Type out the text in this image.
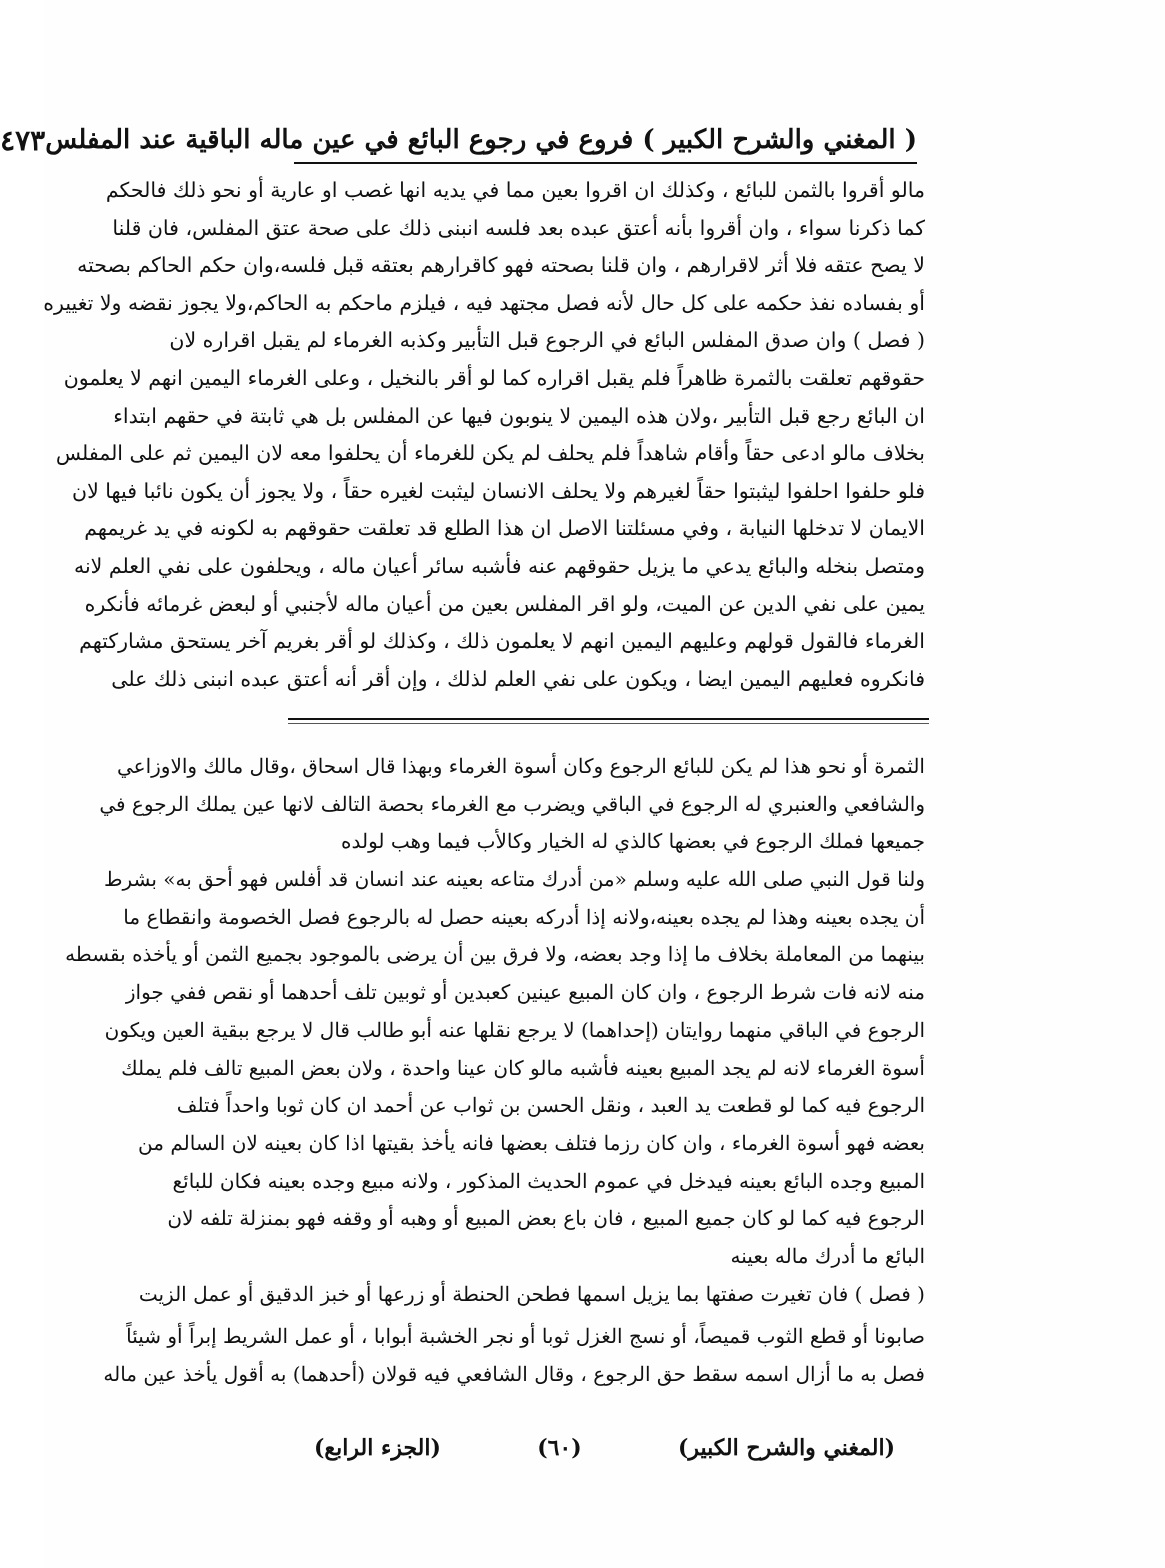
( المغني والشرح الكبير ) فروع في رجوع البائع في عين ماله الباقية عند المفلس
٤٧٣
مالو أقروا بالثمن للبائع ، وكذلك ان اقروا بعين مما في يديه انها غصب او عارية أو نحو ذلك فالحكم
كما ذكرنا سواء ، وان أقروا بأنه أعتق عبده بعد فلسه انبنى ذلك على صحة عتق المفلس، فان قلنا
لا يصح عتقه فلا أثر لاقرارهم ، وان قلنا بصحته فهو كاقرارهم بعتقه قبل فلسه،وان حكم الحاكم بصحته
أو بفساده نفذ حكمه على كل حال لأنه فصل مجتهد فيه ، فيلزم ماحكم به الحاكم،ولا يجوز نقضه ولا تغييره
( فصل ) وان صدق المفلس البائع في الرجوع قبل التأبير وكذبه الغرماء لم يقبل اقراره لان
حقوقهم تعلقت بالثمرة ظاهراً فلم يقبل اقراره كما لو أقر بالنخيل ، وعلى الغرماء اليمين انهم لا يعلمون
ان البائع رجع قبل التأبير ،ولان هذه اليمين لا ينوبون فيها عن المفلس بل هي ثابتة في حقهم ابتداء
بخلاف مالو ادعى حقاً وأقام شاهداً فلم يحلف لم يكن للغرماء أن يحلفوا معه لان اليمين ثم على المفلس
فلو حلفوا احلفوا ليثبتوا حقاً لغيرهم ولا يحلف الانسان ليثبت لغيره حقاً ، ولا يجوز أن يكون نائبا فيها لان
الايمان لا تدخلها النيابة ، وفي مسئلتنا الاصل ان هذا الطلع قد تعلقت حقوقهم به لكونه في يد غريمهم
ومتصل بنخله والبائع يدعي ما يزيل حقوقهم عنه فأشبه سائر أعيان ماله ، ويحلفون على نفي العلم لانه
يمين على نفي الدين عن الميت، ولو اقر المفلس بعين من أعيان ماله لأجنبي أو لبعض غرمائه فأنكره
الغرماء فالقول قولهم وعليهم اليمين انهم لا يعلمون ذلك ، وكذلك لو أقر بغريم آخر يستحق مشاركتهم
فانكروه فعليهم اليمين ايضا ، ويكون على نفي العلم لذلك ، وإن أقر أنه أعتق عبده انبنى ذلك على
الثمرة أو نحو هذا لم يكن للبائع الرجوع وكان أسوة الغرماء وبهذا قال اسحاق ،وقال مالك والاوزاعي
والشافعي والعنبري له الرجوع في الباقي ويضرب مع الغرماء بحصة التالف لانها عين يملك الرجوع في
جميعها فملك الرجوع في بعضها كالذي له الخيار وكالأب فيما وهب لولده
ولنا قول النبي صلى الله عليه وسلم «من أدرك متاعه بعينه عند انسان قد أفلس فهو أحق به» بشرط
أن يجده بعينه وهذا لم يجده بعينه،ولانه إذا أدركه بعينه حصل له بالرجوع فصل الخصومة وانقطاع ما
بينهما من المعاملة بخلاف ما إذا وجد بعضه، ولا فرق بين أن يرضى بالموجود بجميع الثمن أو يأخذه بقسطه
منه لانه فات شرط الرجوع ، وان كان المبيع عينين كعبدين أو ثوبين تلف أحدهما أو نقص ففي جواز
الرجوع في الباقي منهما روايتان (إحداهما) لا يرجع نقلها عنه أبو طالب قال لا يرجع ببقية العين ويكون
أسوة الغرماء لانه لم يجد المبيع بعينه فأشبه مالو كان عينا واحدة ، ولان بعض المبيع تالف فلم يملك
الرجوع فيه كما لو قطعت يد العبد ، ونقل الحسن بن ثواب عن أحمد ان كان ثوبا واحداً فتلف
بعضه فهو أسوة الغرماء ، وان كان رزما فتلف بعضها فانه يأخذ بقيتها اذا كان بعينه لان السالم من
المبيع وجده البائع بعينه فيدخل في عموم الحديث المذكور ، ولانه مبيع وجده بعينه فكان للبائع
الرجوع فيه كما لو كان جميع المبيع ، فان باع بعض المبيع أو وهبه أو وقفه فهو بمنزلة تلفه لان
البائع ما أدرك ماله بعينه
( فصل ) فان تغيرت صفتها بما يزيل اسمها فطحن الحنطة أو زرعها أو خبز الدقيق أو عمل الزيت
صابونا أو قطع الثوب قميصاً، أو نسج الغزل ثوبا أو نجر الخشبة أبوابا ، أو عمل الشريط إبراً أو شيئاً
فصل به ما أزال اسمه سقط حق الرجوع ، وقال الشافعي فيه قولان (أحدهما) به أقول يأخذ عين ماله
(المغني والشرح الكبير)
(٦٠)
(الجزء الرابع)
